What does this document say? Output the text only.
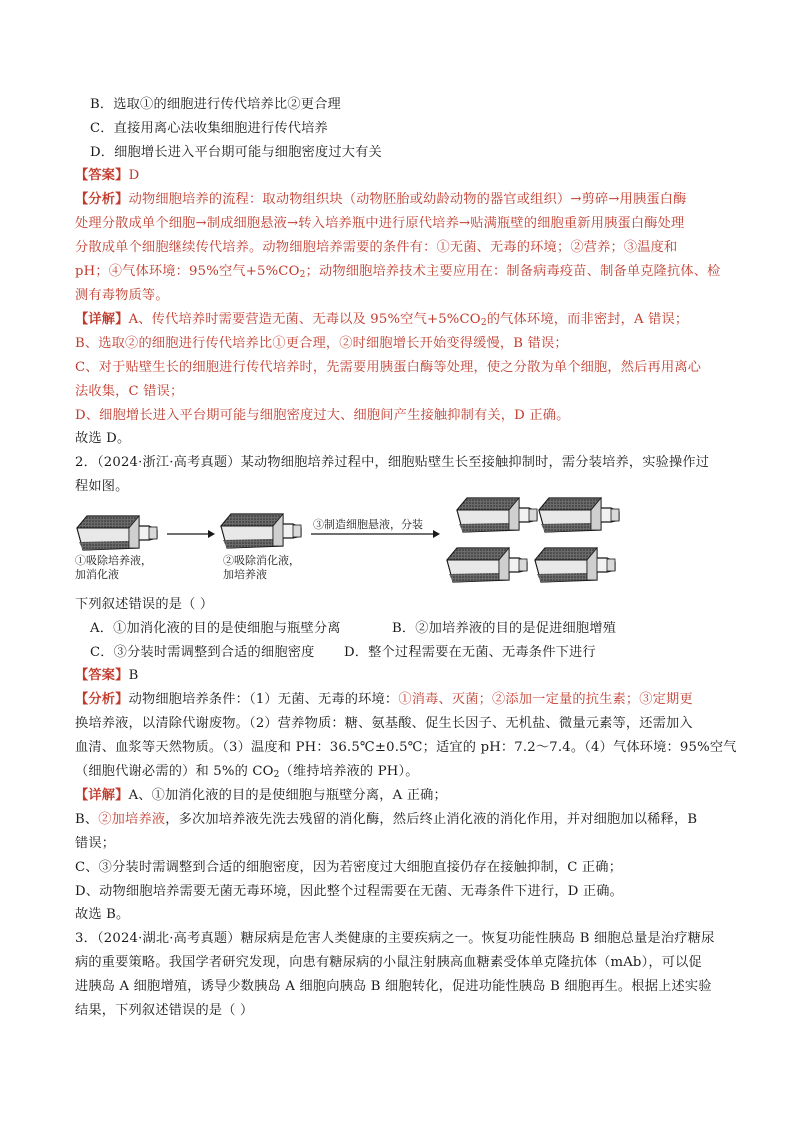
B．选取①的细胞进行传代培养比②更合理
C．直接用离心法收集细胞进行传代培养
D．细胞增长进入平台期可能与细胞密度过大有关
【答案】D
【分析】动物细胞培养的流程：取动物组织块（动物胚胎或幼龄动物的器官或组织）→剪碎→用胰蛋白酶
处理分散成单个细胞→制成细胞悬液→转入培养瓶中进行原代培养→贴满瓶壁的细胞重新用胰蛋白酶处理
分散成单个细胞继续传代培养。动物细胞培养需要的条件有：①无菌、无毒的环境；②营养；③温度和
pH；④气体环境：95%空气$+5\%CO_2$；动物细胞培养技术主要应用在：制备病毒疫苗、制备单克隆抗体、检
测有毒物质等。
【详解】A、传代培养时需要营造无菌、无毒以及 95%空气$+5\%CO_2$的气体环境，而非密封，A 错误；
B、选取②的细胞进行传代培养比①更合理，②时细胞增长开始变得缓慢，B 错误；
C、对于贴壁生长的细胞进行传代培养时，先需要用胰蛋白酶等处理，使之分散为单个细胞，然后再用离心
法收集，C 错误；
D、细胞增长进入平台期可能与细胞密度过大、细胞间产生接触抑制有关，D 正确。
故选 D。
2．（2024·浙江·高考真题）某动物细胞培养过程中，细胞贴壁生长至接触抑制时，需分装培养，实验操作过
程如图。
①吸除培养液，
加消化液
②吸除消化液，
加培养液
③制造细胞悬液，分装
下列叙述错误的是（ ）
A．①加消化液的目的是使细胞与瓶壁分离	B．②加培养液的目的是促进细胞增殖
C．③分装时需调整到合适的细胞密度 D．整个过程需要在无菌、无毒条件下进行
【答案】B
【分析】动物细胞培养条件：（1）无菌、无毒的环境：①消毒、灭菌；②添加一定量的抗生素；③定期更
换培养液，以清除代谢废物。（2）营养物质：糖、氨基酸、促生长因子、无机盐、微量元素等，还需加入
血清、血浆等天然物质。（3）温度和 PH：36.5℃±0.5℃；适宜的 pH：7.2～7.4。（4）气体环境：95%空气
（细胞代谢必需的）和 5%的 $CO_2$（维持培养液的 PH）。
【详解】A、①加消化液的目的是使细胞与瓶壁分离，A 正确；
B、②加培养液，多次加培养液先洗去残留的消化酶，然后终止消化液的消化作用，并对细胞加以稀释，B
错误；
C、③分装时需调整到合适的细胞密度，因为若密度过大细胞直接仍存在接触抑制，C 正确；
D、动物细胞培养需要无菌无毒环境，因此整个过程需要在无菌、无毒条件下进行，D 正确。
故选 B。
3．（2024·湖北·高考真题）糖尿病是危害人类健康的主要疾病之一。恢复功能性胰岛 B 细胞总量是治疗糖尿
病的重要策略。我国学者研究发现，向患有糖尿病的小鼠注射胰高血糖素受体单克隆抗体（mAb），可以促
进胰岛 A 细胞增殖，诱导少数胰岛 A 细胞向胰岛 B 细胞转化，促进功能性胰岛 B 细胞再生。根据上述实验
结果，下列叙述错误的是（ ）
